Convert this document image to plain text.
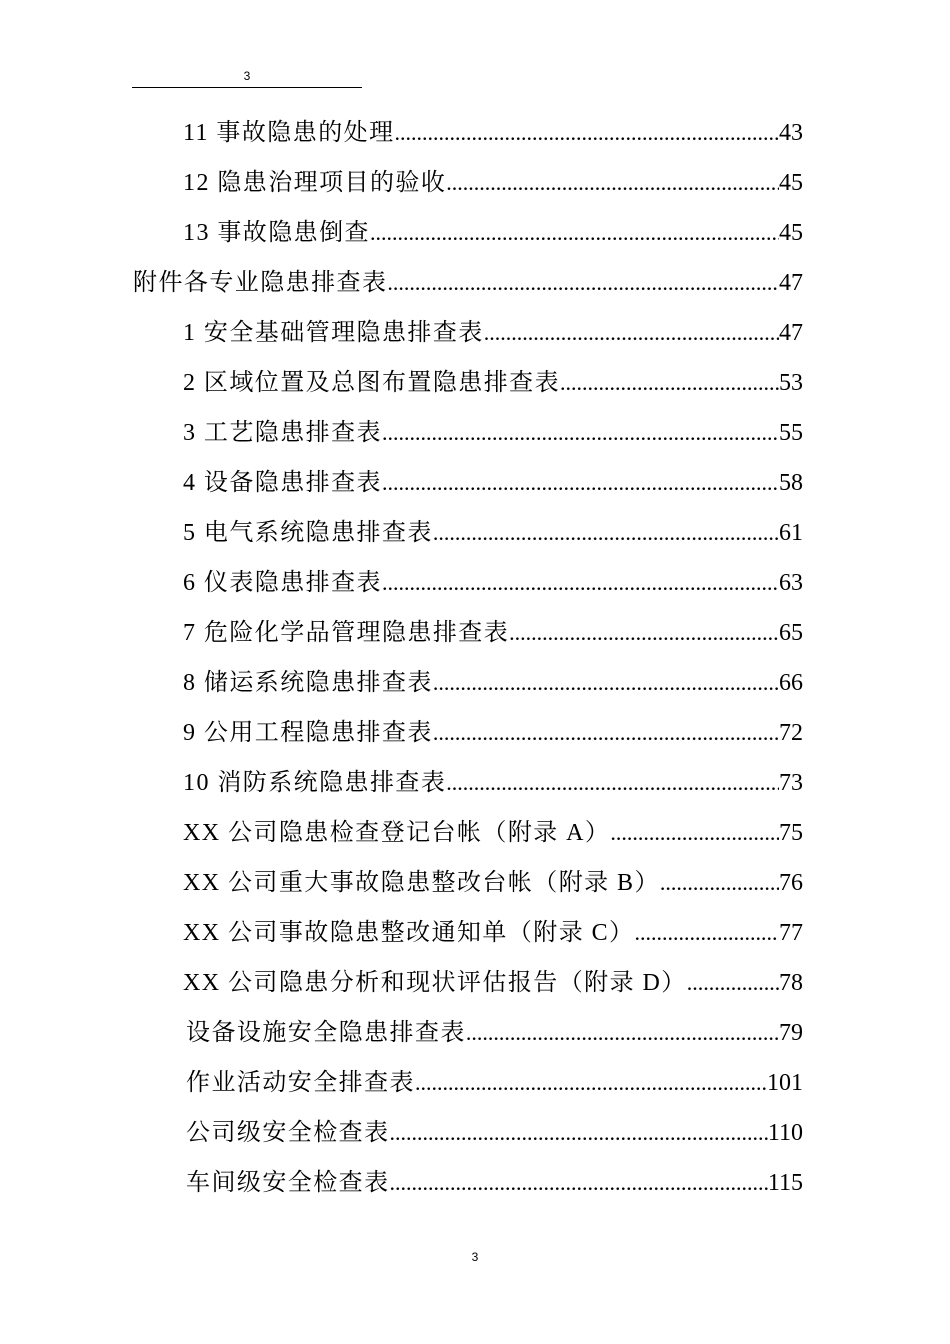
3
11 事故隐患的处理 .....	43
12 隐患治理项目的验收 .....	45
13 事故隐患倒查 .....	45
附件各专业隐患排查表 .....	47
1 安全基础管理隐患排查表 .....	47
2 区域位置及总图布置隐患排查表 .....	53
3 工艺隐患排查表 .....	55
4 设备隐患排查表 .....	58
5 电气系统隐患排查表 .....	61
6 仪表隐患排查表 .....	63
7 危险化学品管理隐患排查表 .....	65
8 储运系统隐患排查表 .....	66
9 公用工程隐患排查表 .....	72
10 消防系统隐患排查表 .....	73
XX 公司隐患检查登记台帐（附录 A） .....	75
XX 公司重大事故隐患整改台帐（附录 B） .....	76
XX 公司事故隐患整改通知单（附录 C） .....	77
XX 公司隐患分析和现状评估报告（附录 D） .....	78
设备设施安全隐患排查表 .....	79
作业活动安全排查表 .....	101
公司级安全检查表 .....	110
车间级安全检查表 .....	115
3
